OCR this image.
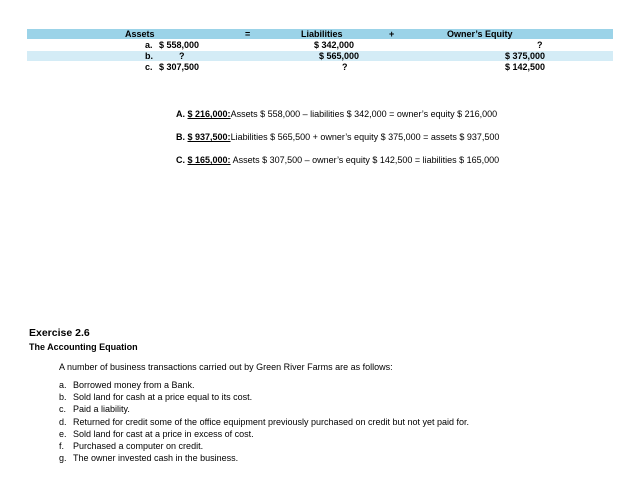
Assets	=	Liabilities	+	Owner’s Equity
a. $ 558,000	$ 342,000	?
b.	?	$ 565,000	$ 375,000
c. $ 307,500	?	$ 142,500
A. $ 216,000:Assets $ 558,000 – liabilities $ 342,000 = owner’s equity $ 216,000
B. $ 937,500:Liabilities $ 565,500 + owner’s equity $ 375,000 = assets $ 937,500
C. $ 165,000: Assets $ 307,500 – owner’s equity $ 142,500 = liabilities $ 165,000
Exercise 2.6
The Accounting Equation
A number of business transactions carried out by Green River Farms are as follows:
a. Borrowed money from a Bank.
b. Sold land for cash at a price equal to its cost.
c. Paid a liability.
d. Returned for credit some of the office equipment previously purchased on credit but not yet paid for.
e. Sold land for cast at a price in excess of cost.
f. Purchased a computer on credit.
g. The owner invested cash in the business.
